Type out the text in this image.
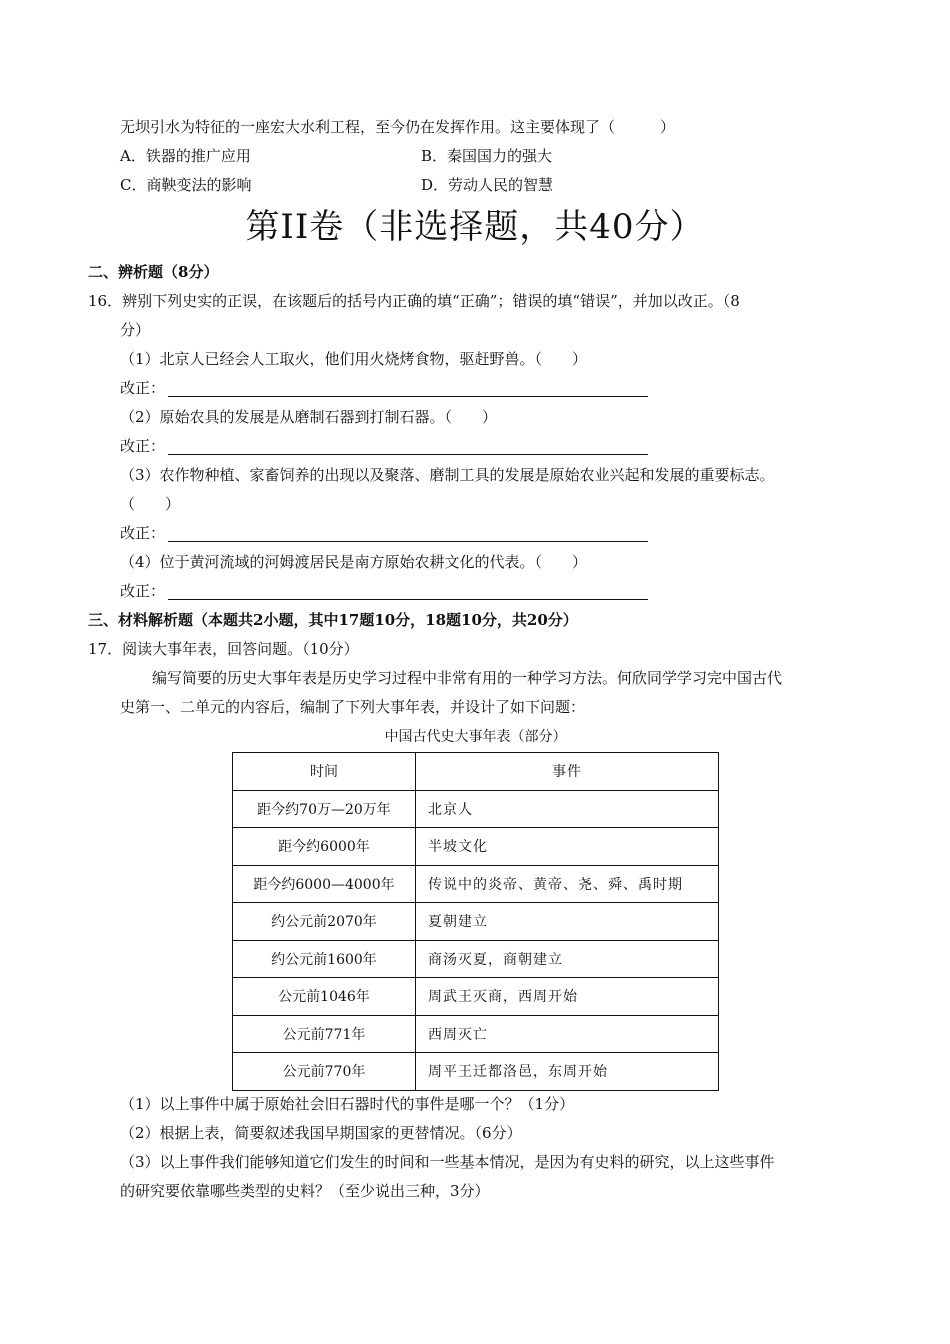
无坝引水为特征的一座宏大水利工程，至今仍在发挥作用。这主要体现了（　　　）
A．铁器的推广应用	B．秦国国力的强大
C．商鞅变法的影响	D．劳动人民的智慧
第II卷（非选择题，共40分）
二、辨析题（8分）
16．辨别下列史实的正误，在该题后的括号内正确的填“正确”；错误的填“错误”，并加以改正。（8
分）
（1）北京人已经会人工取火，他们用火烧烤食物，驱赶野兽。（　　）
改正：
（2）原始农具的发展是从磨制石器到打制石器。（　　）
改正：
（3）农作物种植、家畜饲养的出现以及聚落、磨制工具的发展是原始农业兴起和发展的重要标志。
（　　）
改正：
（4）位于黄河流域的河姆渡居民是南方原始农耕文化的代表。（　　）
改正：
三、材料解析题（本题共2小题，其中17题10分，18题10分，共20分）
17．阅读大事年表，回答问题。（10分）
编写简要的历史大事年表是历史学习过程中非常有用的一种学习方法。何欣同学学习完中国古代
史第一、二单元的内容后，编制了下列大事年表，并设计了如下问题：
中国古代史大事年表（部分）
时间	事件
距今约70万—20万年	北京人
距今约6000年	半坡文化
距今约6000—4000年	传说中的炎帝、黄帝、尧、舜、禹时期
约公元前2070年	夏朝建立
约公元前1600年	商汤灭夏，商朝建立
公元前1046年	周武王灭商，西周开始
公元前771年	西周灭亡
公元前770年	周平王迁都洛邑，东周开始
（1）以上事件中属于原始社会旧石器时代的事件是哪一个？（1分）
（2）根据上表，简要叙述我国早期国家的更替情况。（6分）
（3）以上事件我们能够知道它们发生的时间和一些基本情况，是因为有史料的研究，以上这些事件
的研究要依靠哪些类型的史料？（至少说出三种，3分）
